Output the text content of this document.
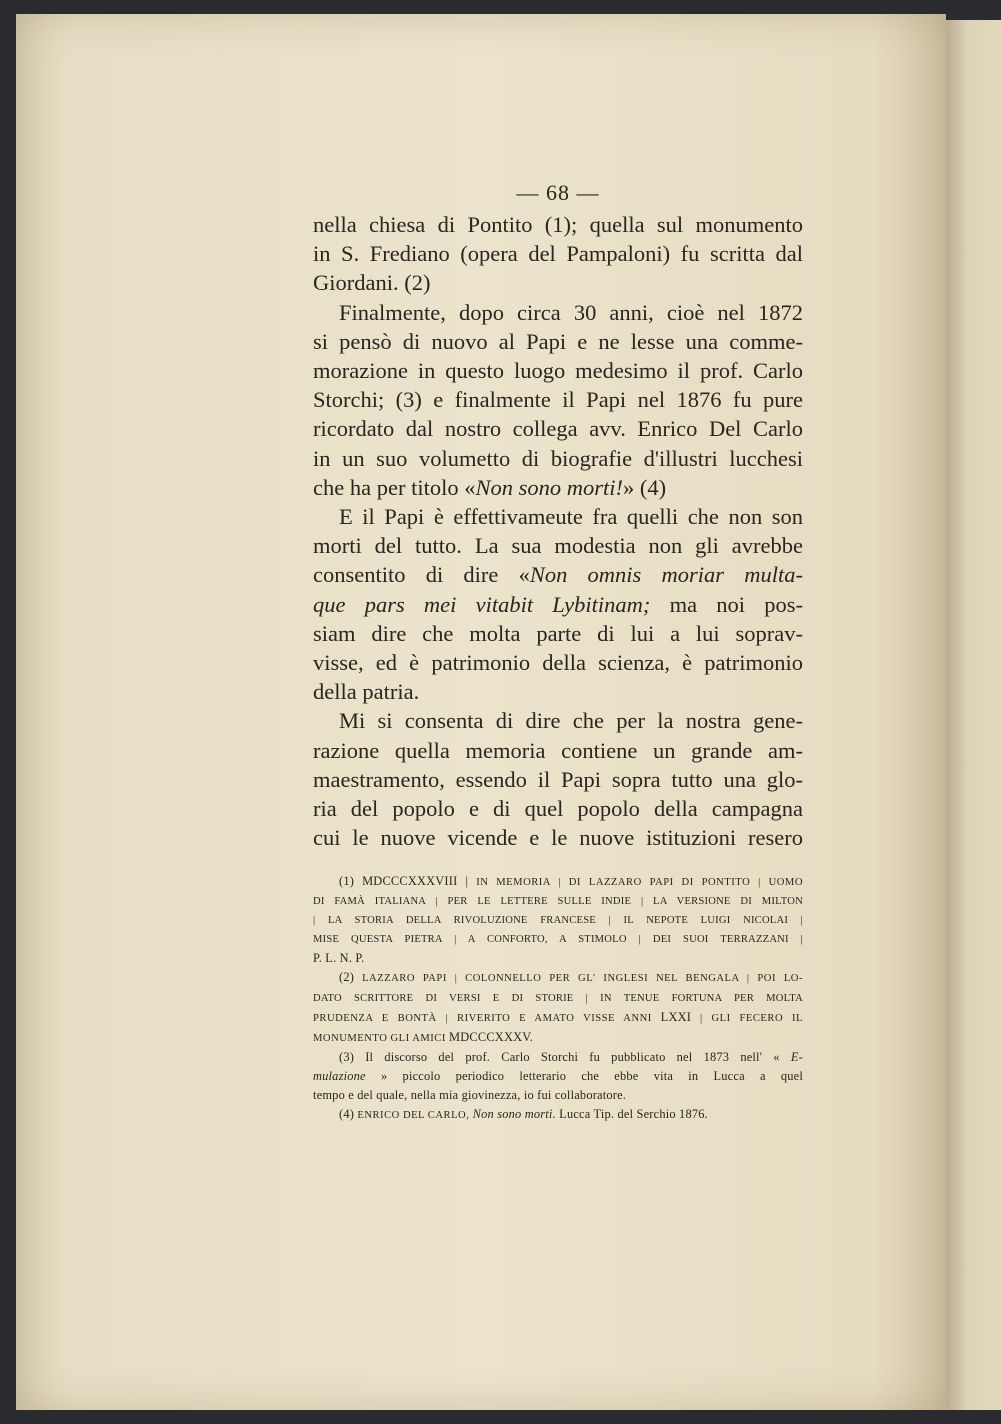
— 68 —
nella chiesa di Pontito (1); quella sul monumento
in S. Frediano (opera del Pampaloni) fu scritta dal
Giordani. (2)
Finalmente, dopo circa 30 anni, cioè nel 1872
si pensò di nuovo al Papi e ne lesse una comme-
morazione in questo luogo medesimo il prof. Carlo
Storchi; (3) e finalmente il Papi nel 1876 fu pure
ricordato dal nostro collega avv. Enrico Del Carlo
in un suo volumetto di biografie d'illustri lucchesi
che ha per titolo «Non sono morti!» (4)
E il Papi è effettivameute fra quelli che non son
morti del tutto. La sua modestia non gli avrebbe
consentito di dire «Non omnis moriar multa-
que pars mei vitabit Lybitinam; ma noi pos-
siam dire che molta parte di lui a lui soprav-
visse, ed è patrimonio della scienza, è patrimonio
della patria.
Mi si consenta di dire che per la nostra gene-
razione quella memoria contiene un grande am-
maestramento, essendo il Papi sopra tutto una glo-
ria del popolo e di quel popolo della campagna
cui le nuove vicende e le nuove istituzioni resero
(1) MDCCCXXXVIII | IN MEMORIA | DI LAZZARO PAPI DI PONTITO | UOMO
DI FAMÀ ITALIANA | PER LE LETTERE SULLE INDIE | LA VERSIONE DI MILTON
| LA STORIA DELLA RIVOLUZIONE FRANCESE | IL NEPOTE LUIGI NICOLAI |
MISE QUESTA PIETRA | A CONFORTO, A STIMOLO | DEI SUOI TERRAZZANI |
P. L. N. P.
(2) LAZZARO PAPI | COLONNELLO PER GL' INGLESI NEL BENGALA | POI LO-
DATO SCRITTORE DI VERSI E DI STORIE | IN TENUE FORTUNA PER MOLTA
PRUDENZA E BONTÀ | RIVERITO E AMATO VISSE ANNI LXXI | GLI FECERO IL
MONUMENTO GLI AMICI MDCCCXXXV.
(3) Il discorso del prof. Carlo Storchi fu pubblicato nel 1873 nell' « E-
mulazione » piccolo periodico letterario che ebbe vita in Lucca a quel
tempo e del quale, nella mia giovinezza, io fui collaboratore.
(4) ENRICO DEL CARLO, Non sono morti. Lucca Tip. del Serchio 1876.
